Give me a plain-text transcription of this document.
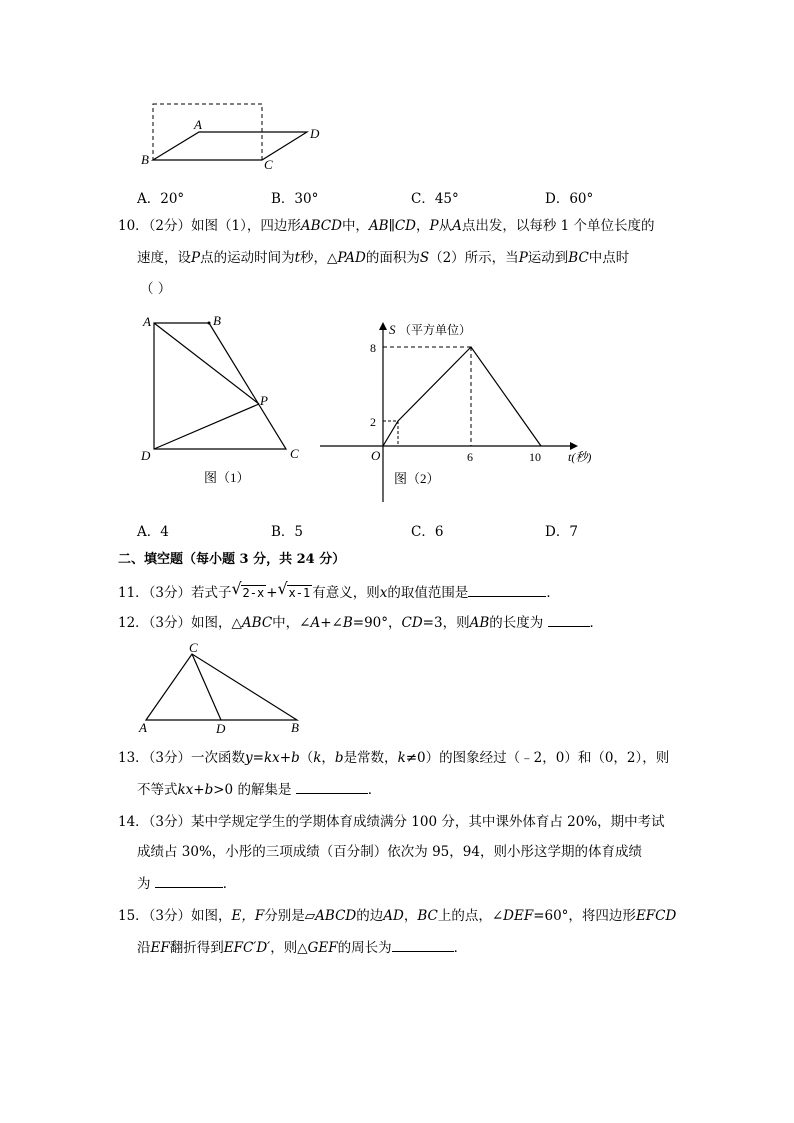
A
B	C
D
A．20°	B．30°	C．45°	D．60°
10．（2分）如图（1），四边形ABCD中，AB∥CD，P从A点出发，以每秒 1 个单位长度的
速度，设P点的运动时间为t秒，△PAD的面积为S（2）所示，当P运动到BC中点时
（ ）
A	B
P
D	C
图（1）
S （平方单位）
8
2
O	6	10 t(秒)
图（2）
A．4	B．5	C．6	D．7
二、填空题（每小题 3 分，共 24 分）
11．（3分）若式子 √ 2-x + √ x-1 有意义，则x的取值范围是	．
12．（3分）如图，△ABC中，∠A+∠B=90°，CD=3，则AB的长度为	．
C
A	D	B
13．（3分）一次函数y=kx+b（k，b是常数，k≠0）的图象经过（﹣2，0）和（0，2），则
不等式kx+b>0 的解集是	．
14．（3分）某中学规定学生的学期体育成绩满分 100 分，其中课外体育占 20%，期中考试
成绩占 30%，小彤的三项成绩（百分制）依次为 95，94，则小彤这学期的体育成绩
为	．
15．（3分）如图，E，F分别是▱ABCD的边AD，BC上的点，∠DEF=60°，将四边形EFCD
沿EF翻折得到EFC′D′，则△GEF的周长为	．
